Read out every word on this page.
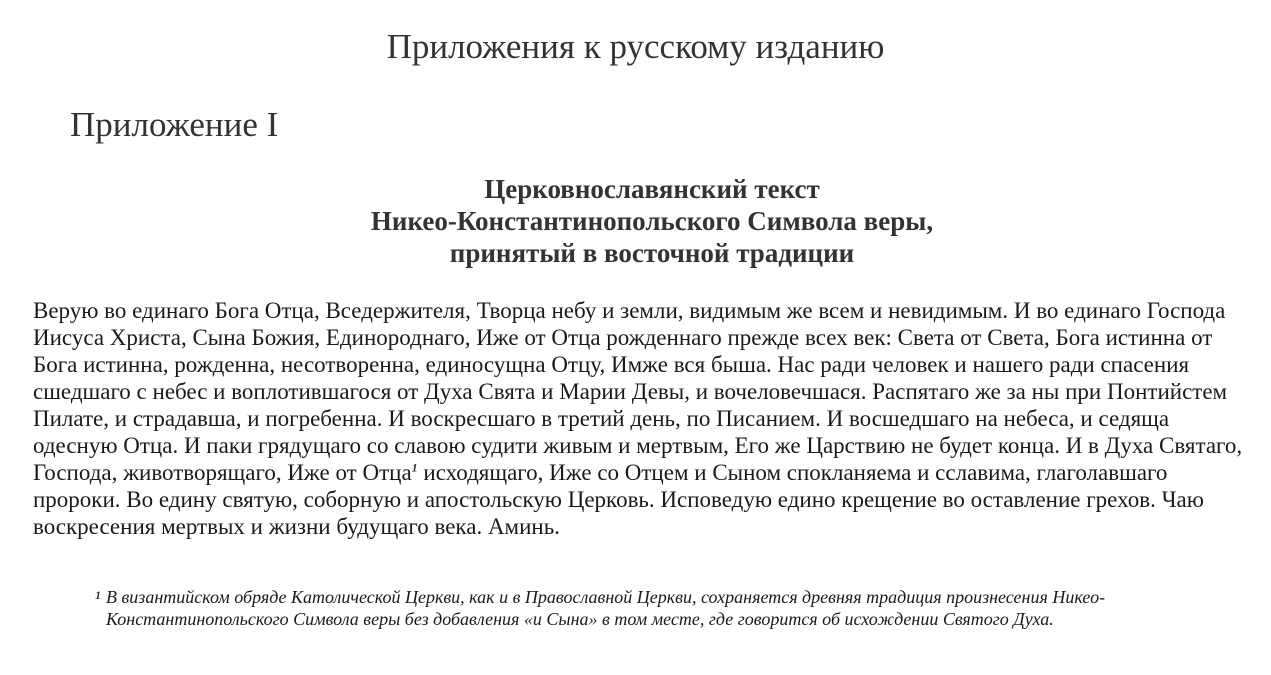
Приложения к русскому изданию
Приложение I
Церковнославянский текст
Никео-Константинопольского Символа веры,
принятый в восточной традиции

Верую во единаго Бога Отца, Вседержителя, Творца небу и земли, видимым же всем и невидимым. И во единаго Господа Иисуса Христа, Сына Божия, Единороднаго, Иже от Отца рожденнаго прежде всех век: Света от Света, Бога истинна от Бога истинна, рожденна, несотворенна, единосущна Отцу, Имже вся быша. Нас ради человек и нашего ради спасения сшедшаго с небес и воплотившагося от Духа Свята и Марии Девы, и вочеловечшася. Распятаго же за ны при Понтийстем Пилате, и страдавша, и погребенна. И воскресшаго в третий день, по Писанием. И восшедшаго на небеса, и седяща одесную Отца. И паки грядущаго со славою судити живым и мертвым, Его же Царствию не будет конца. И в Духа Святаго, Господа, животворящаго, Иже от Отца$^1$ исходящаго, Иже со Отцем и Сыном спокланяема и сславима, глаголавшаго пророки. Во едину святую, соборную и апостольскую Церковь. Исповедую едино крещение во оставление грехов. Чаю воскресения мертвых и жизни будущаго века. Аминь.

1 В византийском обряде Католической Церкви, как и в Православной Церкви, сохраняется древняя традиция произнесения Никео-Константинопольского Символа веры без добавления «и Сына» в том месте, где говорится об исхождении Святого Духа.
